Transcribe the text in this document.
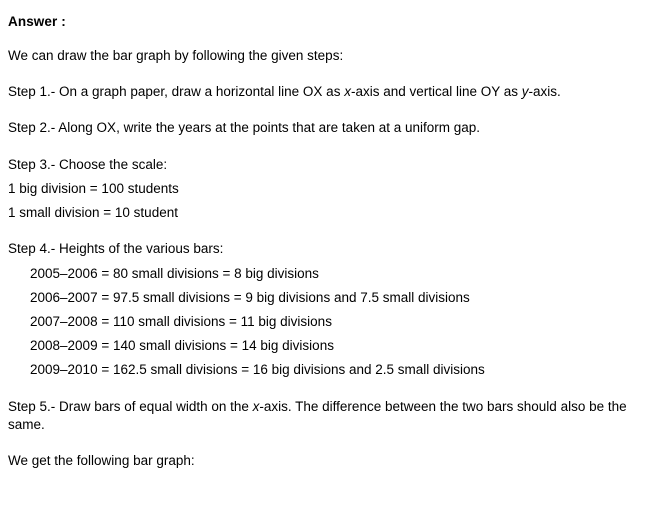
Answer :

We can draw the bar graph by following the given steps:

Step 1.- On a graph paper, draw a horizontal line OX as x-axis and vertical line OY as y-axis.

Step 2.- Along OX, write the years at the points that are taken at a uniform gap.

Step 3.- Choose the scale:

1 big division = 100 students

1 small division = 10 student

Step 4.- Heights of the various bars:

2005–2006 = 80 small divisions = 8 big divisions

2006–2007 = 97.5 small divisions = 9 big divisions and 7.5 small divisions

2007–2008 = 110 small divisions = 11 big divisions

2008–2009 = 140 small divisions = 14 big divisions

2009–2010 = 162.5 small divisions = 16 big divisions and 2.5 small divisions

Step 5.- Draw bars of equal width on the x-axis. The difference between the two bars should also be the same.

We get the following bar graph:
